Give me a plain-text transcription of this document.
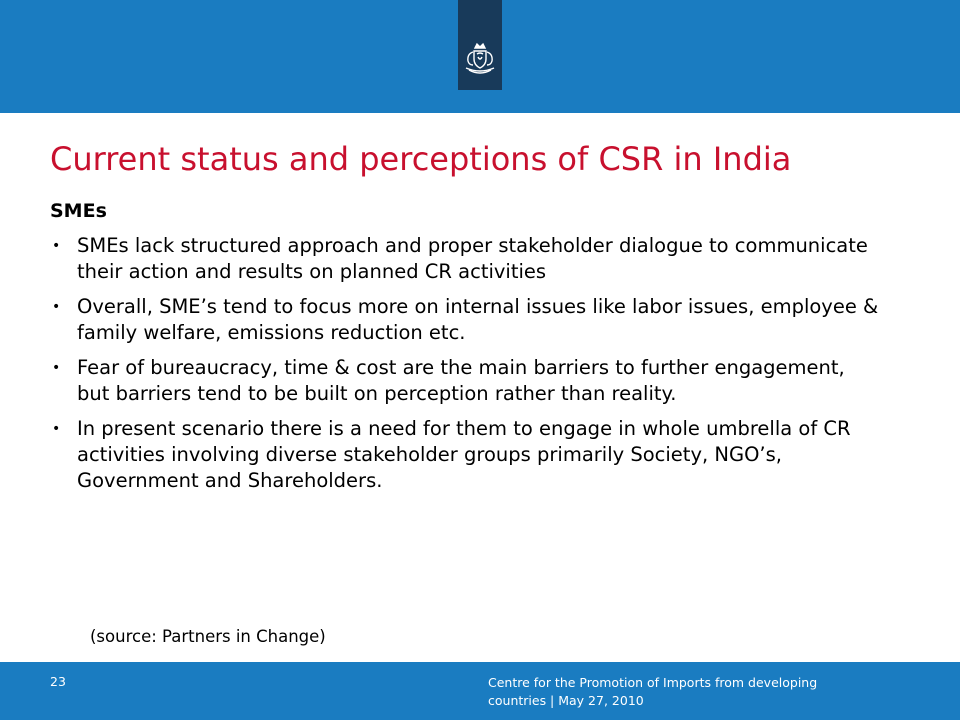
Current status and perceptions of CSR in India
SMEs
• SMEs lack structured approach and proper stakeholder dialogue to communicate their action and results on planned CR activities
• Overall, SME’s tend to focus more on internal issues like labor issues, employee & family welfare, emissions reduction etc.
• Fear of bureaucracy, time & cost are the main barriers to further engagement, but barriers tend to be built on perception rather than reality.
• In present scenario there is a need for them to engage in whole umbrella of CR activities involving diverse stakeholder groups primarily Society, NGO’s, Government and Shareholders.

(source: Partners in Change)

23	Centre for the Promotion of Imports from developing countries | May 27, 2010
